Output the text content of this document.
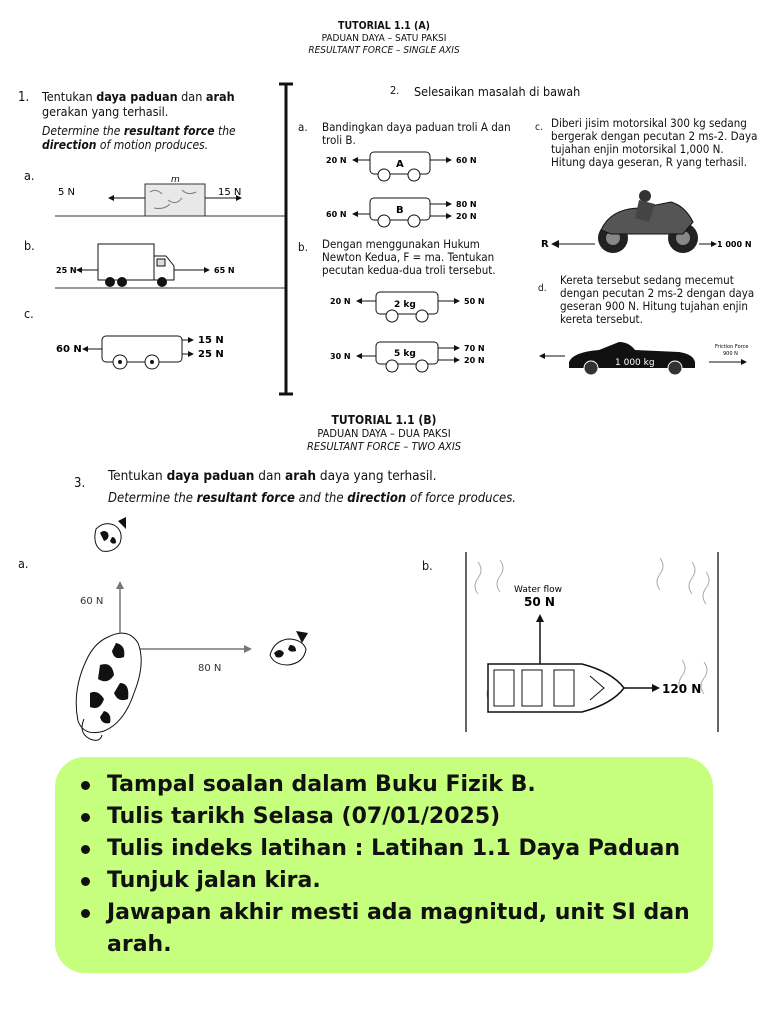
TUTORIAL 1.1 (A)
PADUAN DAYA – SATU PAKSI
RESULTANT FORCE – SINGLE AXIS
1. Tentukan daya paduan dan arah gerakan yang terhasil.
Determine the resultant force the direction of motion produces.
a.	m
5 N	15 N
b.
25 N	65 N
c.
60 N
15 N
25 N
2. Selesaikan masalah di bawah
a. Bandingkan daya paduan troli A dan troli B.
A
20 N	60 N
B
60 N
80 N
20 N
b. Dengan menggunakan Hukum Newton Kedua, F = ma. Tentukan pecutan kedua-dua troli tersebut.
2 kg
20 N	50 N
5 kg
30 N
70 N
20 N
c. Diberi jisim motorsikal 300 kg sedang bergerak dengan pecutan 2 ms-2. Daya tujahan enjin motorsikal 1,000 N. Hitung daya geseran, R yang terhasil.
R	1 000 N
d.
Kereta tersebut sedang mecemut dengan pecutan 2 ms-2 dengan daya geseran 900 N. Hitung tujahan enjin kereta tersebut.
1 000 kg
Friction Force
900 N
TUTORIAL 1.1 (B)
PADUAN DAYA – DUA PAKSI
RESULTANT FORCE – TWO AXIS
3. Tentukan daya paduan dan arah daya yang terhasil.
Determine the resultant force and the direction of force produces.
a.
60 N
80 N
b.
Water flow
50 N
120 N
Tampal soalan dalam Buku Fizik B.
Tulis tarikh Selasa (07/01/2025)
Tulis indeks latihan : Latihan 1.1 Daya Paduan
Tunjuk jalan kira.
Jawapan akhir mesti ada magnitud, unit SI dan arah.
